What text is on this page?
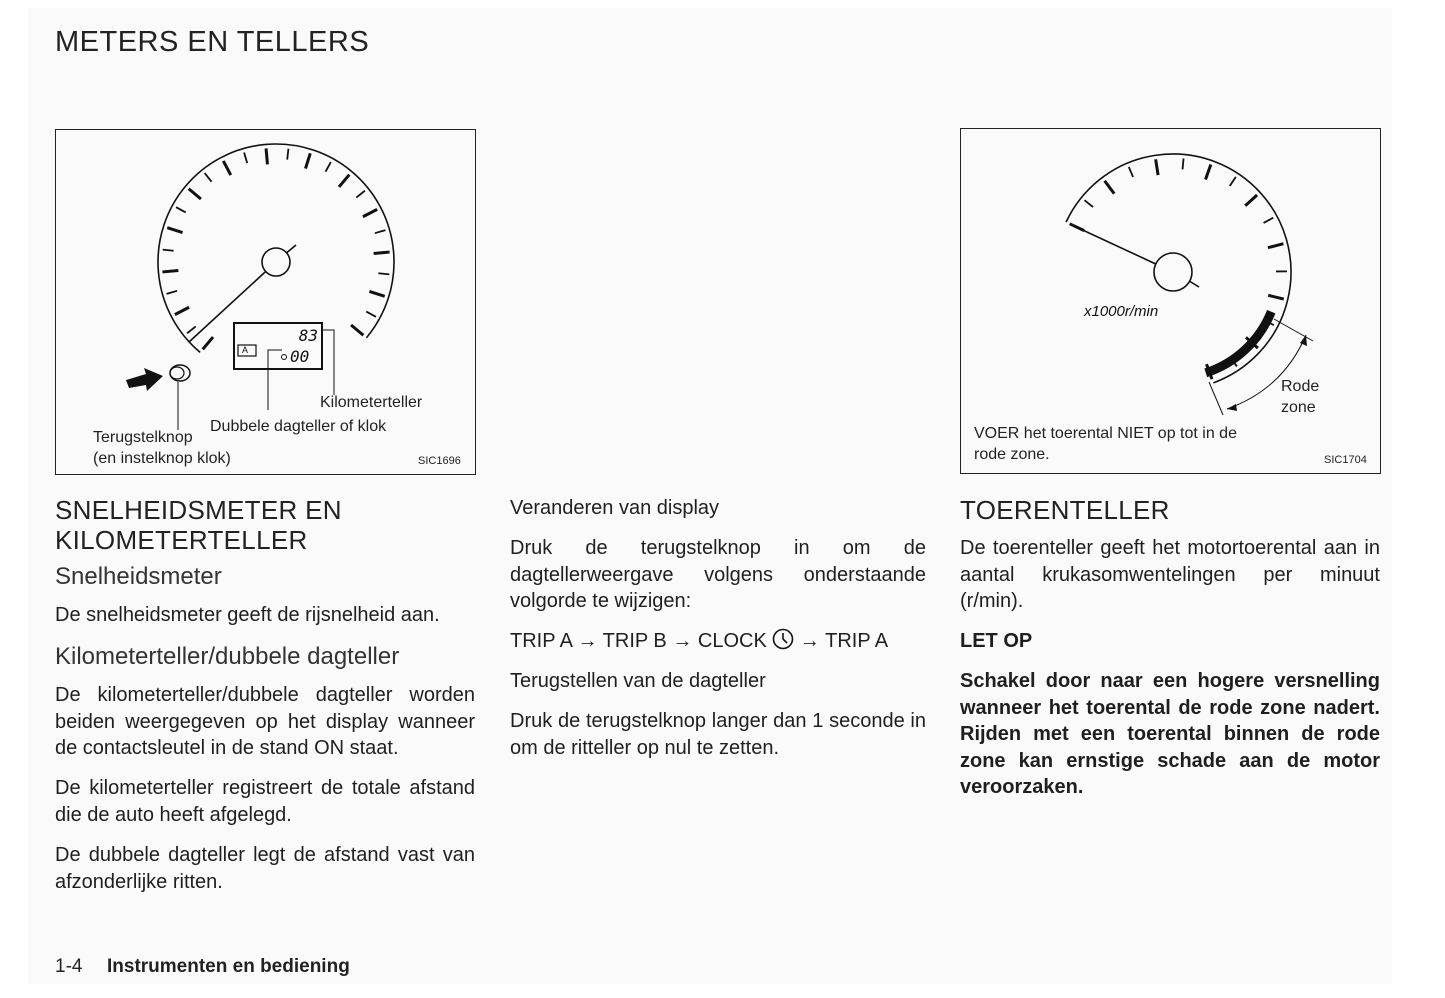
METERS EN TELLERS
83
00
A
Kilometerteller
Dubbele dagteller of klok
Terugstelknop
(en instelknop klok)	SIC1696
x1000r/min
Rode
zone
VOER het toerental NIET op tot in de
rode zone.	SIC1704
SNELHEIDSMETER EN
KILOMETERTELLER
Snelheidsmeter
De snelheidsmeter geeft de rijsnelheid aan.
Kilometerteller/dubbele dagteller
De kilometerteller/dubbele dagteller worden beiden weergegeven op het display wanneer de contactsleutel in de stand ON staat.
De kilometerteller registreert de totale afstand die de auto heeft afgelegd.
De dubbele dagteller legt de afstand vast van afzonderlijke ritten.
Veranderen van display
Druk de terugstelknop in om de dagtellerweergave volgens onderstaande volgorde te wijzigen:
TRIP A → TRIP B → CLOCK → TRIP A
Terugstellen van de dagteller
Druk de terugstelknop langer dan 1 seconde in om de ritteller op nul te zetten.
TOERENTELLER
De toerenteller geeft het motortoerental aan in aantal krukasomwentelingen per minuut (r/min).
LET OP
Schakel door naar een hogere versnelling wanneer het toerental de rode zone nadert. Rijden met een toerental binnen de rode zone kan ernstige schade aan de motor veroorzaken.
1-4 Instrumenten en bediening
